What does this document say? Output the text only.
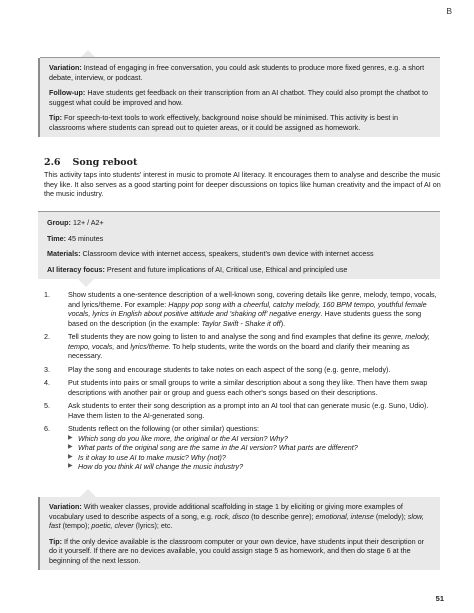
B

Variation: Instead of engaging in free conversation, you could ask students to produce more fixed genres, e.g. a short debate, interview, or podcast.

Follow-up: Have students get feedback on their transcription from an AI chatbot. They could also prompt the chatbot to suggest what could be improved and how.

Tip: For speech-to-text tools to work effectively, background noise should be minimised. This activity is best in classrooms where students can spread out to quieter areas, or it could be assigned as homework.

2.6 Song reboot

This activity taps into students' interest in music to promote AI literacy. It encourages them to analyse and describe the music they like. It also serves as a good starting point for deeper discussions on topics like human creativity and the impact of AI on the music industry.

Group: 12+ / A2+

Time: 45 minutes

Materials: Classroom device with internet access, speakers, student's own device with internet access

AI literacy focus: Present and future implications of AI, Critical use, Ethical and principled use

1.	Show students a one-sentence description of a well-known song, covering details like genre, melody, tempo, vocals, and lyrics/theme. For example: Happy pop song with a cheerful, catchy melody, 160 BPM tempo, youthful female vocals, lyrics in English about positive attitude and 'shaking off' negative energy. Have students guess the song based on the description (in the example: Taylor Swift - Shake it off).
2.	Tell students they are now going to listen to and analyse the song and find examples that define its genre, melody, tempo, vocals, and lyrics/theme. To help students, write the words on the board and clarify their meaning as necessary.
3.	Play the song and encourage students to take notes on each aspect of the song (e.g. genre, melody).
4.	Put students into pairs or small groups to write a similar description about a song they like. Then have them swap descriptions with another pair or group and guess each other's songs based on their descriptions.
5.	Ask students to enter their song description as a prompt into an AI tool that can generate music (e.g. Suno, Udio). Have them listen to the AI-generated song.
6.	Students reflect on the following (or other similar) questions:
▶ Which song do you like more, the original or the AI version? Why?
▶ What parts of the original song are the same in the AI version? What parts are different?
▶ Is it okay to use AI to make music? Why (not)?
▶ How do you think AI will change the music industry?

Variation: With weaker classes, provide additional scaffolding in stage 1 by eliciting or giving more examples of vocabulary used to describe aspects of a song, e.g. rock, disco (to describe genre); emotional, intense (melody); slow, fast (tempo); poetic, clever (lyrics); etc.

Tip: If the only device available is the classroom computer or your own device, have students input their description or do it yourself. If there are no devices available, you could assign stage 5 as homework, and then do stage 6 at the beginning of the next lesson.

51
